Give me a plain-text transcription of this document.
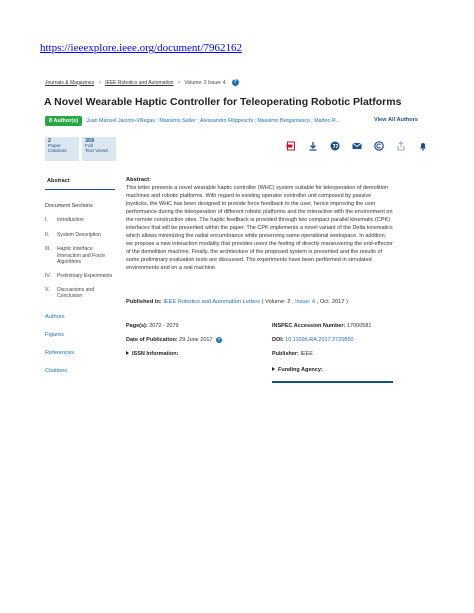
https://ieeexplore.ieee.org/document/7962162
Journals & Magazines > IEEE Robotics and Automation > Volume: 2 Issue: 4	?
A Novel Wearable Haptic Controller for Teleoperating Robotic Platforms
8 Author(s)	Juan Manuel Jacinto-Villegas ; Massimo Satler ; Alessandro Filippeschi ; Massimo Bergamasco ; Matteo R...	View All Authors
2
Paper
Citations
359
Full
Text Views
Abstract
Document Sections
I.	Introduction
II.	System Description
III.	Haptic Interface Interaction and Force Algorithms
IV.	Preliminary Experiments
V.	Discussions and Conclusion
Authors
Figures
References
Citations
Abstract:
This letter presents a novel wearable haptic controller (WHC) system suitable for teleoperation of demolition machines and robotic platforms. With regard to existing operator controller unit composed by passive joysticks, the WHC has been designed to provide force feedback to the user, hence improving the user performance during the teleoperation of different robotic platforms and the interaction with the environment on the remote construction sites. The haptic feedback is provided through two compact parallel kinematic (CPK) interfaces that will be presented within the paper. The CPK implements a novel variant of the Delta kinematics which allows minimizing the radial encumbrance while preserving same operational workspace. In addition, we propose a new interaction modality that provides users the feeling of directly maneuvering the end-effector of the demolition machine. Finally, the architecture of the proposed system is presented and the results of some preliminary evaluation tests are discussed. The experiments have been performed in simulated environments and on a real machine.
Published in: IEEE Robotics and Automation Letters ( Volume: 2 , Issue: 4 , Oct. 2017 )
Page(s): 2072 - 2079	INSPEC Accession Number: 17000581
Date of Publication: 29 June 2017 ?	DOI: 10.1109/LRA.2017.2720850
ISSN Information:	Publisher: IEEE
Funding Agency:
